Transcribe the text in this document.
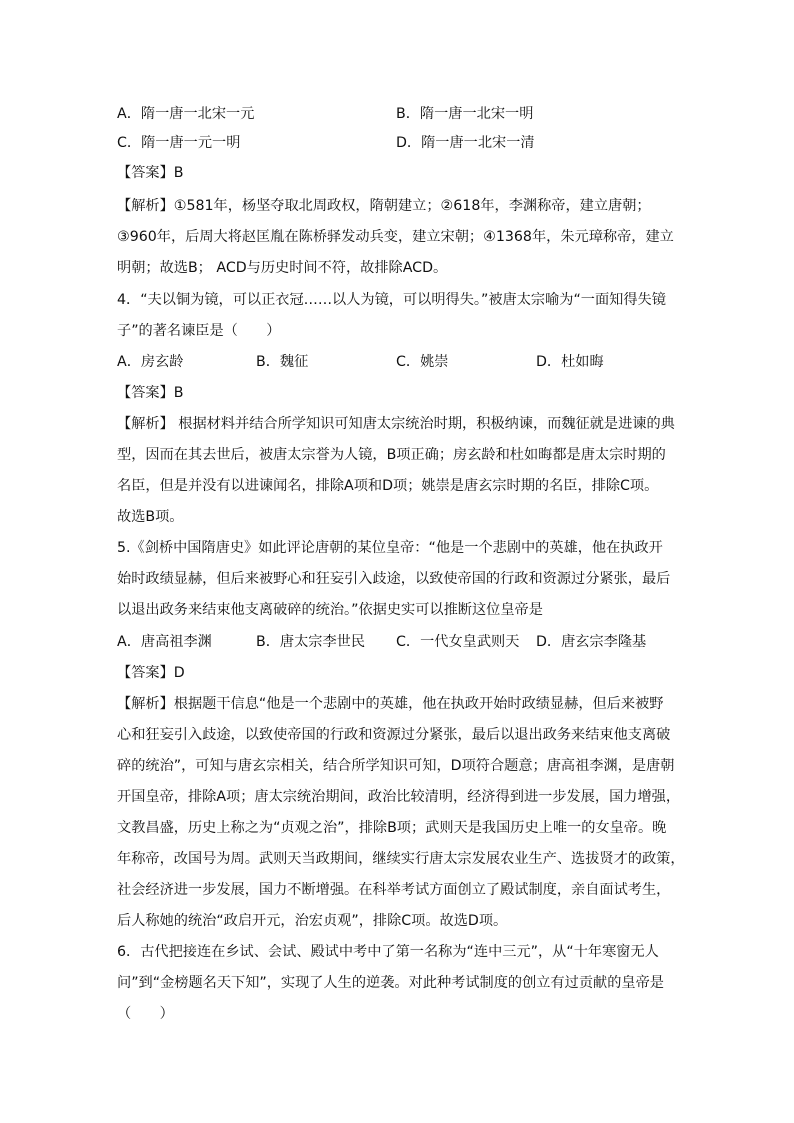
A．隋一唐一北宋一元	B．隋一唐一北宋一明
C．隋一唐一元一明	D．隋一唐一北宋一清
【答案】B
【解析】①581年，杨坚夺取北周政权，隋朝建立；②618年，李渊称帝，建立唐朝；
③960年，后周大将赵匡胤在陈桥驿发动兵变，建立宋朝；④1368年，朱元璋称帝，建立
明朝；故选B； ACD与历史时间不符，故排除ACD。
4．“夫以铜为镜，可以正衣冠……以人为镜，可以明得失。”被唐太宗喻为“一面知得失镜
子”的著名谏臣是（　　）
A．房玄龄	B．魏征	C．姚崇	D．杜如晦
【答案】B
【解析】 根据材料并结合所学知识可知唐太宗统治时期，积极纳谏，而魏征就是进谏的典
型，因而在其去世后，被唐太宗誉为人镜，B项正确；房玄龄和杜如晦都是唐太宗时期的
名臣，但是并没有以进谏闻名，排除A项和D项；姚崇是唐玄宗时期的名臣，排除C项。
故选B项。
5.《剑桥中国隋唐史》如此评论唐朝的某位皇帝：“他是一个悲剧中的英雄，他在执政开
始时政绩显赫，但后来被野心和狂妄引入歧途，以致使帝国的行政和资源过分紧张，最后
以退出政务来结束他支离破碎的统治。”依据史实可以推断这位皇帝是
A．唐高祖李渊	B．唐太宗李世民 C．一代女皇武则天 D．唐玄宗李隆基
【答案】D
【解析】根据题干信息“他是一个悲剧中的英雄，他在执政开始时政绩显赫，但后来被野
心和狂妄引入歧途，以致使帝国的行政和资源过分紧张，最后以退出政务来结束他支离破
碎的统治”，可知与唐玄宗相关，结合所学知识可知，D项符合题意；唐高祖李渊，是唐朝
开国皇帝，排除A项；唐太宗统治期间，政治比较清明，经济得到进一步发展，国力增强，
文教昌盛，历史上称之为“贞观之治”，排除B项；武则天是我国历史上唯一的女皇帝。晚
年称帝，改国号为周。武则天当政期间，继续实行唐太宗发展农业生产、选拔贤才的政策，
社会经济进一步发展，国力不断增强。在科举考试方面创立了殿试制度，亲自面试考生，
后人称她的统治“政启开元，治宏贞观”，排除C项。故选D项。
6．古代把接连在乡试、会试、殿试中考中了第一名称为“连中三元”，从“十年寒窗无人
问”到“金榜题名天下知”，实现了人生的逆袭。对此种考试制度的创立有过贡献的皇帝是
（　　）
